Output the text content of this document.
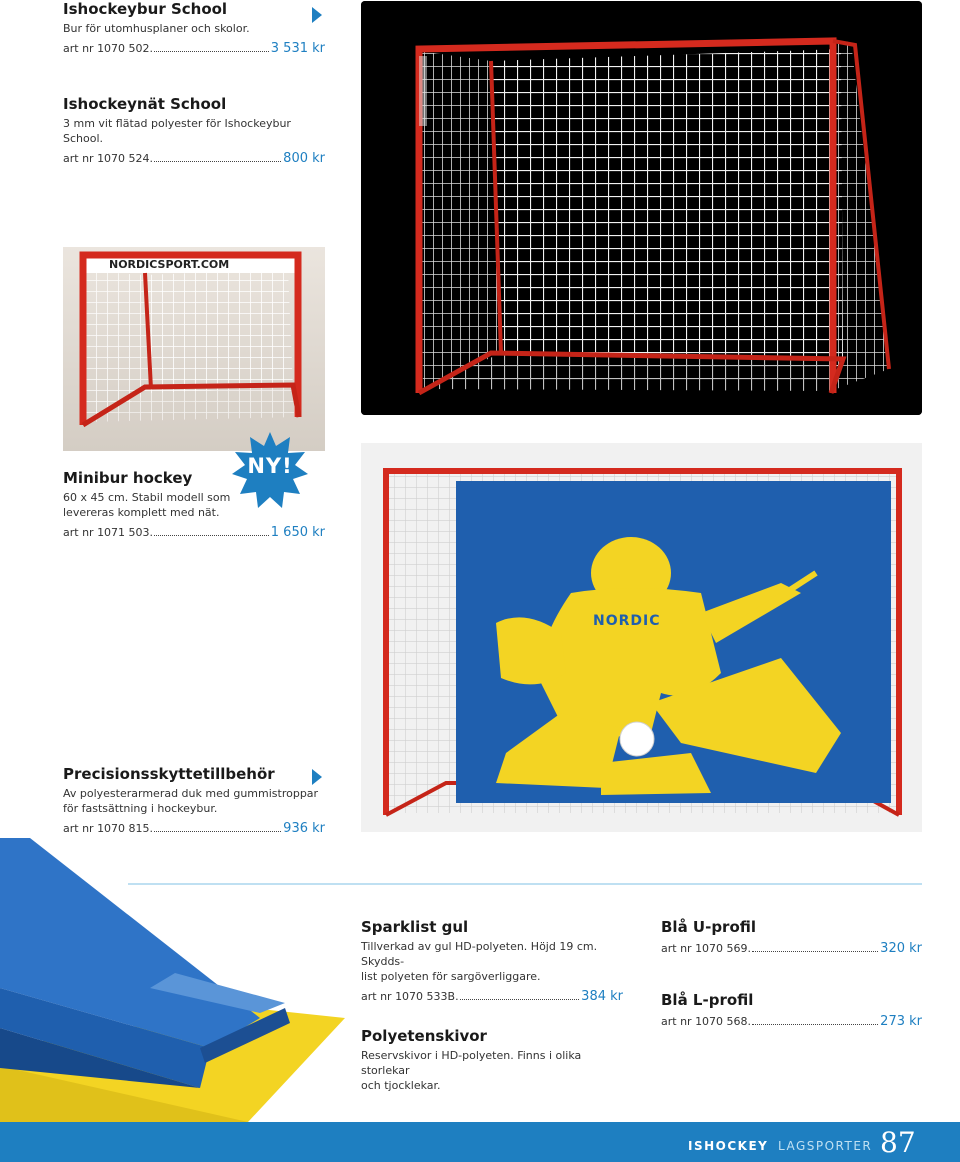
Ishockeybur School
Bur för utomhusplaner och skolor.
art nr 1070 502.	3 531 kr
Ishockeynät School
3 mm vit flätad polyester för Ishockeybur School.
art nr 1070 524.	800 kr
NORDICSPORT.COM
Minibur hockey
60 x 45 cm. Stabil modell som
levereras komplett med nät.
art nr 1071 503.	1 650 kr
NY!
NORDIC
Precisionsskyttetillbehör
Av polyesterarmerad duk med gummistroppar
för fastsättning i hockeybur.
art nr 1070 815.	936 kr
Sparklist gul
Tillverkad av gul HD-polyeten. Höjd 19 cm. Skydds-
list polyeten för sargöverliggare.
art nr 1070 533B.	384 kr
Polyetenskivor
Reservskivor i HD-polyeten. Finns i olika storlekar
och tjocklekar.
Blå U-profil
art nr 1070 569.	320 kr
Blå L-profil
art nr 1070 568.	273 kr
ISHOCKEY LAGSPORTER 87
